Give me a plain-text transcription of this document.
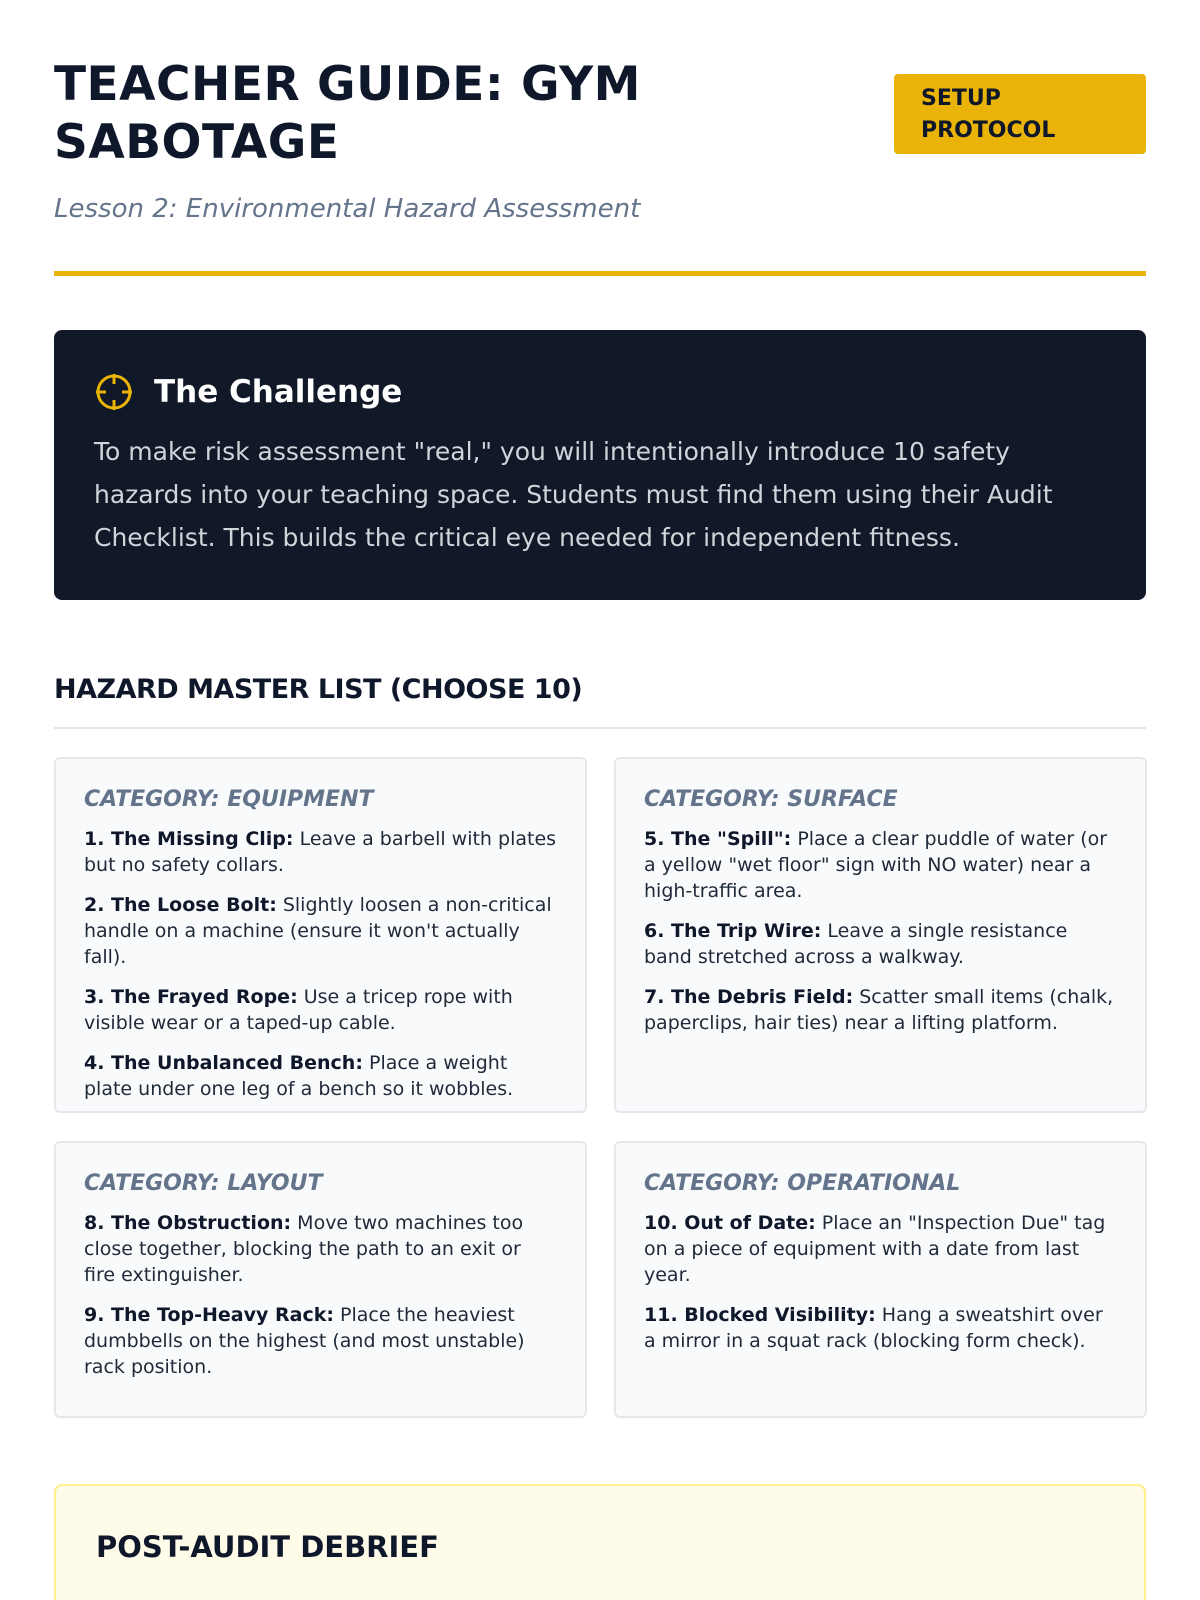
TEACHER GUIDE: GYM SABOTAGE
Lesson 2: Environmental Hazard Assessment
SETUP PROTOCOL
The Challenge

To make risk assessment "real," you will intentionally introduce 10 safety hazards into your teaching space. Students must find them using their Audit Checklist. This builds the critical eye needed for independent fitness.

HAZARD MASTER LIST (CHOOSE 10)
CATEGORY: EQUIPMENT

1. The Missing Clip: Leave a barbell with plates but no safety collars.

2. The Loose Bolt: Slightly loosen a non-critical handle on a machine (ensure it won't actually fall).

3. The Frayed Rope: Use a tricep rope with visible wear or a taped-up cable.

4. The Unbalanced Bench: Place a weight plate under one leg of a bench so it wobbles.

CATEGORY: SURFACE

5. The "Spill": Place a clear puddle of water (or a yellow "wet floor" sign with NO water) near a high-traffic area.

6. The Trip Wire: Leave a single resistance band stretched across a walkway.

7. The Debris Field: Scatter small items (chalk, paperclips, hair ties) near a lifting platform.

CATEGORY: LAYOUT

8. The Obstruction: Move two machines too close together, blocking the path to an exit or fire extinguisher.

9. The Top-Heavy Rack: Place the heaviest dumbbells on the highest (and most unstable) rack position.

CATEGORY: OPERATIONAL

10. Out of Date: Place an "Inspection Due" tag on a piece of equipment with a date from last year.

11. Blocked Visibility: Hang a sweatshirt over a mirror in a squat rack (blocking form check).

POST-AUDIT DEBRIEF
